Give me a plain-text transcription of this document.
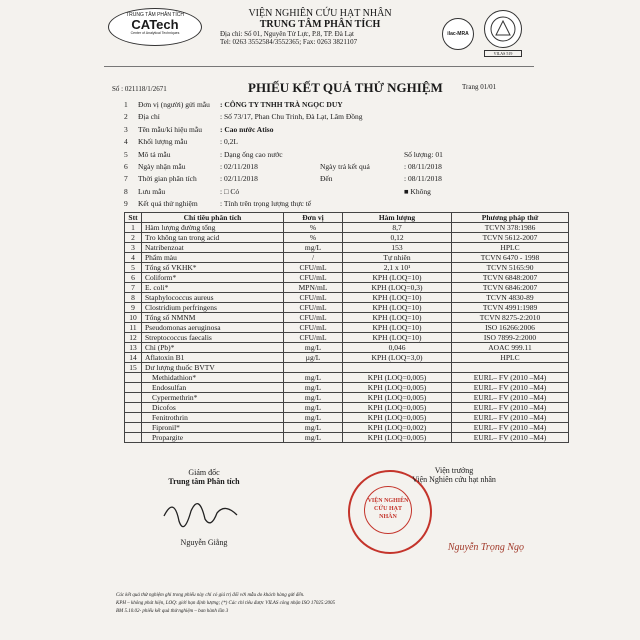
TRUNG TÂM PHÂN TÍCH
CATech
Center of Analytical Techniques
VIỆN NGHIÊN CỨU HẠT NHÂN
TRUNG TÂM PHÂN TÍCH
Địa chỉ: Số 01, Nguyên Tử Lực, P.8, TP. Đà Lạt
Tel: 0263 3552584/3552365; Fax: 0263 3821107
ilac-MRA
VILAS 519
Số : 021118/1/2671	PHIẾU KẾT QUẢ THỬ NGHIỆM	Trang 01/01
1 Đơn vị (người) gửi mẫu : CÔNG TY TNHH TRÀ NGỌC DUY
2 Địa chỉ	: Số 73/17, Phan Chu Trinh, Đà Lạt, Lâm Đồng
3 Tên mẫu/kí hiệu mẫu : Cao nước Atiso
4 Khối lượng mẫu	: 0,2L
5 Mô tả mẫu	: Dạng ống cao nước	Số lượng: 01
6 Ngày nhận mẫu	: 02/11/2018	Ngày trả kết quả	: 08/11/2018
7 Thời gian phân tích	: 02/11/2018	Đến	: 08/11/2018
8 Lưu mẫu	: □ Có	■ Không
9 Kết quả thử nghiệm	: Tính trên trọng lượng thực tế
Stt	Chỉ tiêu phân tích	Đơn vị	Hàm lượng	Phương pháp thử
1	Hàm lượng đường tổng	%	8,7	TCVN 378:1986
2	Tro không tan trong acid	%	0,12	TCVN 5612-2007
3	Natribenzoat	mg/L	153	HPLC
4	Phẩm màu	/	Tự nhiên	TCVN 6470 - 1998
5	Tổng số VKHK*	CFU/mL	2,1 x 10¹	TCVN 5165:90
6	Coliform*	CFU/mL	KPH (LOQ=10)	TCVN 6848:2007
7	E. coli*	MPN/mL	KPH (LOQ=0,3)	TCVN 6846:2007
8	Staphylococcus aureus	CFU/mL	KPH (LOQ=10)	TCVN 4830-89
9	Clostridium perfringens	CFU/mL	KPH (LOQ=10)	TCVN 4991:1989
10	Tổng số NMNM	CFU/mL	KPH (LOQ=10)	TCVN 8275-2:2010
11	Pseudomonas aeruginosa	CFU/mL	KPH (LOQ=10)	ISO 16266:2006
12	Streptococcus faecalis	CFU/mL	KPH (LOQ=10)	ISO 7899-2:2000
13	Chì (Pb)*	mg/L	0,046	AOAC 999.11
14	Aflatoxin B1	µg/L	KPH (LOQ=3,0)	HPLC
15	Dư lượng thuốc BVTV			
	Methidathion*	mg/L	KPH (LOQ=0,005)	EURL– FV (2010 –M4)
	Endosulfan	mg/L	KPH (LOQ=0,005)	EURL– FV (2010 –M4)
	Cypermethrin*	mg/L	KPH (LOQ=0,005)	EURL– FV (2010 –M4)
	Dicofos	mg/L	KPH (LOQ=0,005)	EURL– FV (2010 –M4)
	Fenitrothrin	mg/L	KPH (LOQ=0,005)	EURL– FV (2010 –M4)
	Fipronil*	mg/L	KPH (LOQ=0,002)	EURL– FV (2010 –M4)
	Propargite	mg/L	KPH (LOQ=0,005)	EURL– FV (2010 –M4)
Giám đốc
Trung tâm Phân tích
Nguyễn Giằng
VIỆN NGHIÊN CỨU HẠT NHÂN
Viện trưởng
Viện Nghiên cứu hạt nhân
Nguyễn Trọng Ngọ
Các kết quả thử nghiệm ghi trong phiếu này chỉ có giá trị đối với mẫu do khách hàng gửi đến.
KPH – không phát hiện, LOQ: giới hạn định lượng; (*) Các chỉ tiêu được VILAS công nhận ISO 17025:2005
BM 5.10.02- phiếu kết quả thử nghiệm – ban hành lần 3
